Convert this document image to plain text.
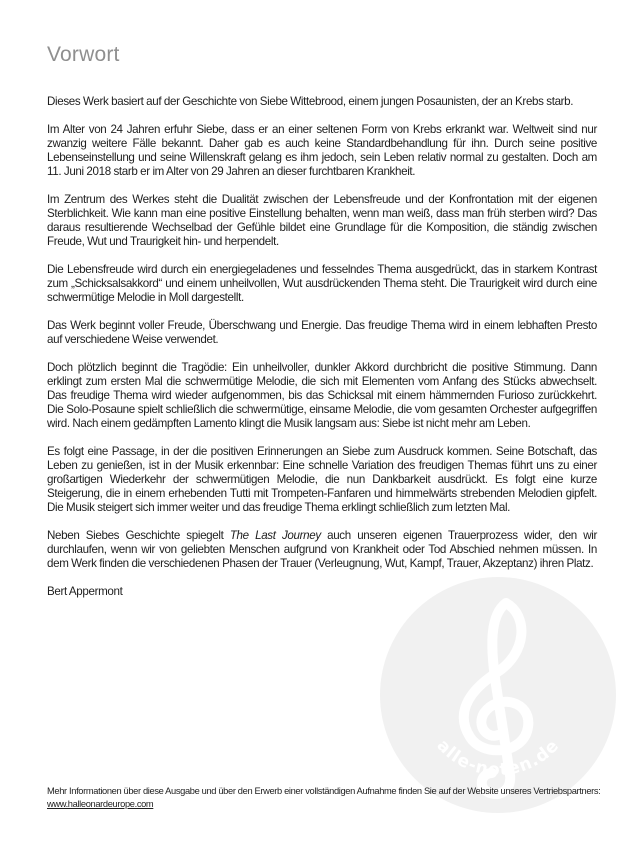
alle-noten.de
Vorwort

Dieses Werk basiert auf der Geschichte von Siebe Wittebrood, einem jungen Posaunisten, der an Krebs starb.

Im Alter von 24 Jahren erfuhr Siebe, dass er an einer seltenen Form von Krebs erkrankt war. Weltweit sind nur zwanzig weitere Fälle bekannt. Daher gab es auch keine Standardbehandlung für ihn. Durch seine positive Lebenseinstellung und seine Willenskraft gelang es ihm jedoch, sein Leben relativ normal zu gestalten. Doch am 11. Juni 2018 starb er im Alter von 29 Jahren an dieser furchtbaren Krankheit.

Im Zentrum des Werkes steht die Dualität zwischen der Lebensfreude und der Konfrontation mit der eigenen Sterblichkeit. Wie kann man eine positive Einstellung behalten, wenn man weiß, dass man früh sterben wird? Das daraus resultierende Wechselbad der Gefühle bildet eine Grundlage für die Komposition, die ständig zwischen Freude, Wut und Traurigkeit hin- und herpendelt.

Die Lebensfreude wird durch ein energiegeladenes und fesselndes Thema ausgedrückt, das in starkem Kontrast zum „Schicksalsakkord“ und einem unheilvollen, Wut ausdrückenden Thema steht. Die Traurigkeit wird durch eine schwermütige Melodie in Moll dargestellt.

Das Werk beginnt voller Freude, Überschwang und Energie. Das freudige Thema wird in einem lebhaften Presto auf verschiedene Weise verwendet.

Doch plötzlich beginnt die Tragödie: Ein unheilvoller, dunkler Akkord durchbricht die positive Stimmung. Dann erklingt zum ersten Mal die schwermütige Melodie, die sich mit Elementen vom Anfang des Stücks abwechselt. Das freudige Thema wird wieder aufgenommen, bis das Schicksal mit einem hämmernden Furioso zurückkehrt. Die Solo-Posaune spielt schließlich die schwermütige, einsame Melodie, die vom gesamten Orchester aufgegriffen wird. Nach einem gedämpften Lamento klingt die Musik langsam aus: Siebe ist nicht mehr am Leben.

Es folgt eine Passage, in der die positiven Erinnerungen an Siebe zum Ausdruck kommen. Seine Botschaft, das Leben zu genießen, ist in der Musik erkennbar: Eine schnelle Variation des freudigen Themas führt uns zu einer großartigen Wiederkehr der schwermütigen Melodie, die nun Dankbarkeit ausdrückt. Es folgt eine kurze Steigerung, die in einem erhebenden Tutti mit Trompeten-Fanfaren und himmelwärts strebenden Melodien gipfelt. Die Musik steigert sich immer weiter und das freudige Thema erklingt schließlich zum letzten Mal.

Neben Siebes Geschichte spiegelt The Last Journey auch unseren eigenen Trauerprozess wider, den wir durchlaufen, wenn wir von geliebten Menschen aufgrund von Krankheit oder Tod Abschied nehmen müssen. In dem Werk finden die verschiedenen Phasen der Trauer (Verleugnung, Wut, Kampf, Trauer, Akzeptanz) ihren Platz.

Bert Appermont

Mehr Informationen über diese Ausgabe und über den Erwerb einer vollständigen Aufnahme finden Sie auf der Website unseres Vertriebspartners:
www.halleonardeurope.com
